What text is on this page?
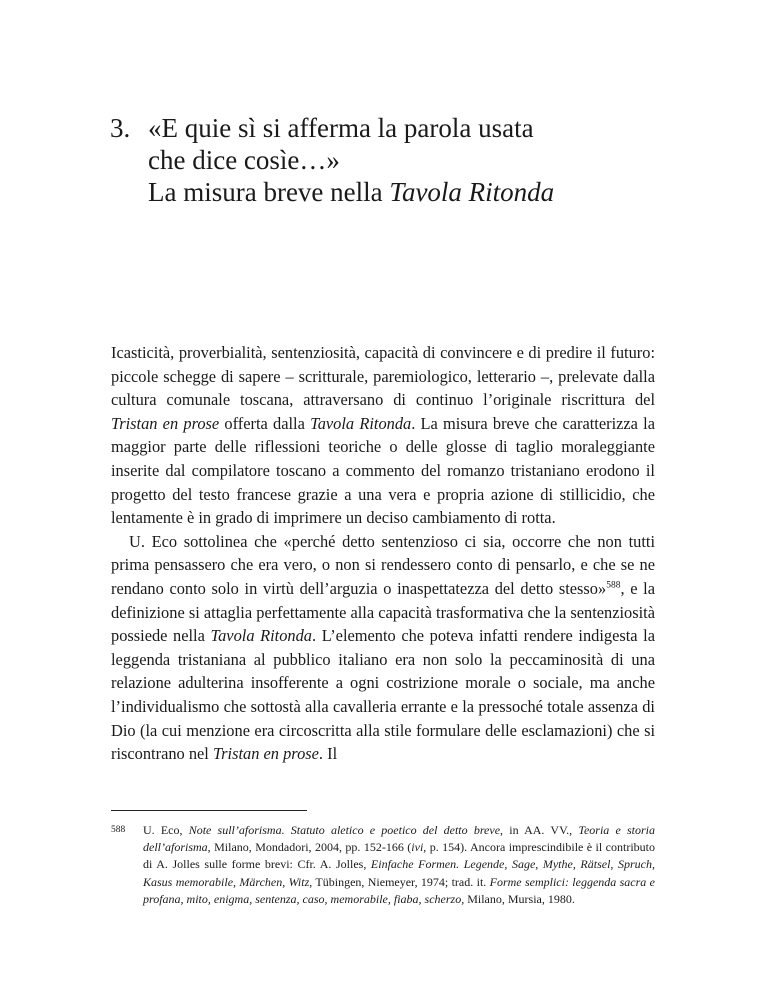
3. «E quie sì si afferma la parola usata
che dice cosìe…»
La misura breve nella Tavola Ritonda

Icasticità, proverbialità, sentenziosità, capacità di convincere e di predire il futuro: piccole schegge di sapere – scritturale, paremiologico, letterario –, prelevate dalla cultura comunale toscana, attraversano di continuo l’originale riscrittura del Tristan en prose offerta dalla Tavola Ritonda. La misura breve che caratterizza la maggior parte delle riflessioni teoriche o delle glosse di taglio moraleggiante inserite dal compilatore toscano a commento del romanzo tristaniano erodono il progetto del testo francese grazie a una vera e propria azione di stillicidio, che lentamente è in grado di imprimere un deciso cambiamento di rotta.

U. Eco sottolinea che «perché detto sentenzioso ci sia, occorre che non tutti prima pensassero che era vero, o non si rendessero conto di pensarlo, e che se ne rendano conto solo in virtù dell’arguzia o inaspettatezza del detto stesso»$^{588}$, e la definizione si attaglia perfettamente alla capacità trasformativa che la sentenziosità possiede nella Tavola Ritonda. L’elemento che poteva infatti rendere indigesta la leggenda tristaniana al pubblico italiano era non solo la peccaminosità di una relazione adulterina insofferente a ogni costrizione morale o sociale, ma anche l’individualismo che sottostà alla cavalleria errante e la pressoché totale assenza di Dio (la cui menzione era circoscritta alla stile formulare delle esclamazioni) che si riscontrano nel Tristan en prose. Il

588 U. Eco, Note sull’aforisma. Statuto aletico e poetico del detto breve, in AA. VV., Teoria e storia dell’aforisma, Milano, Mondadori, 2004, pp. 152-166 (ivi, p. 154). Ancora imprescindibile è il contributo di A. Jolles sulle forme brevi: Cfr. A. Jolles, Einfache Formen. Legende, Sage, Mythe, Rätsel, Spruch, Kasus memorabile, Märchen, Witz, Tübingen, Niemeyer, 1974; trad. it. Forme semplici: leggenda sacra e profana, mito, enigma, sentenza, caso, memorabile, fiaba, scherzo, Milano, Mursia, 1980.
